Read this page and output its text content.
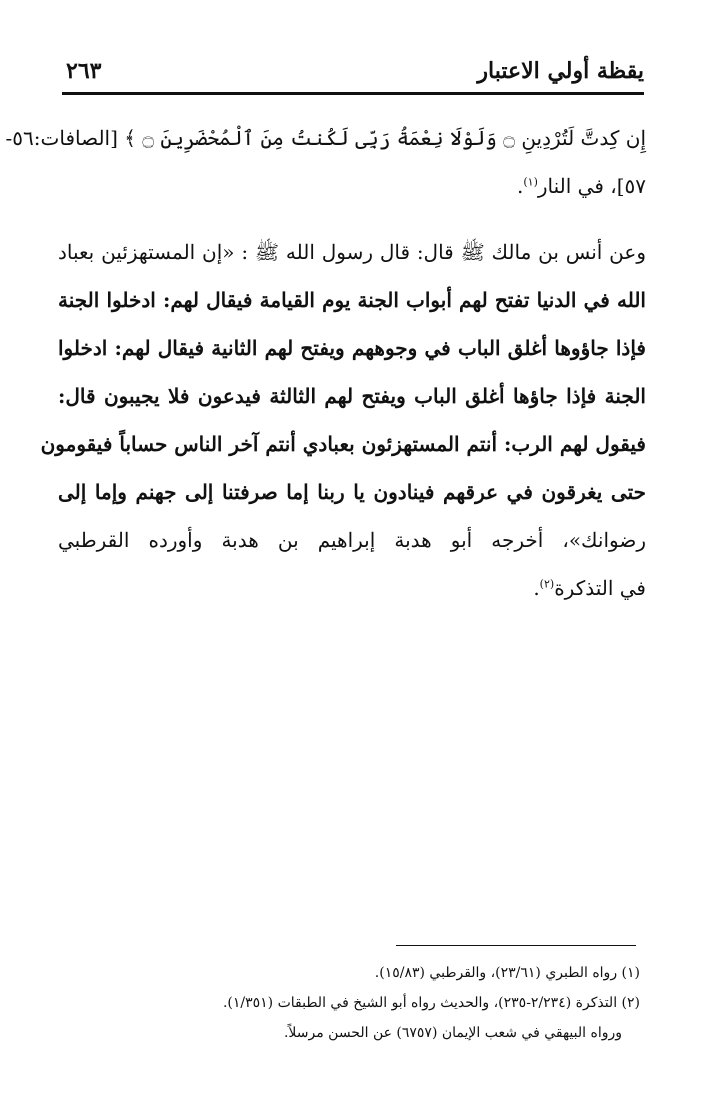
يقظة أولي الاعتبار
٢٦٣
إِن كِدتَّ لَتُرْدِينِ ۝ وَلَوْلَا نِعْمَةُ رَبِّى لَكُنتُ مِنَ ٱلْمُحْضَرِينَ ۝ ﴾ [الصافات:٥٦-
٥٧]، في النار$^{(١)}$.
وعن أنس بن مالك ﷺ قال: قال رسول الله ﷺ : «إن المستهزئين بعباد
الله في الدنيا تفتح لهم أبواب الجنة يوم القيامة فيقال لهم: ادخلوا الجنة
فإذا جاؤوها أغلق الباب في وجوههم ويفتح لهم الثانية فيقال لهم: ادخلوا
الجنة فإذا جاؤها أغلق الباب ويفتح لهم الثالثة فيدعون فلا يجيبون قال:
فيقول لهم الرب: أنتم المستهزئون بعبادي أنتم آخر الناس حساباً فيقومون
حتى يغرقون في عرقهم فينادون يا ربنا إما صرفتنا إلى جهنم وإما إلى
رضوانك»، أخرجه أبو هدبة إبراهيم بن هدبة وأورده القرطبي
في التذكرة$^{(٢)}$.
(١) رواه الطبري (٢٣/٦١)، والقرطبي (١٥/٨٣).
(٢) التذكرة (٢/٢٣٤-٢٣٥)، والحديث رواه أبو الشيخ في الطبقات (١/٣٥١).
ورواه البيهقي في شعب الإيمان (٦٧٥٧) عن الحسن مرسلاً.
